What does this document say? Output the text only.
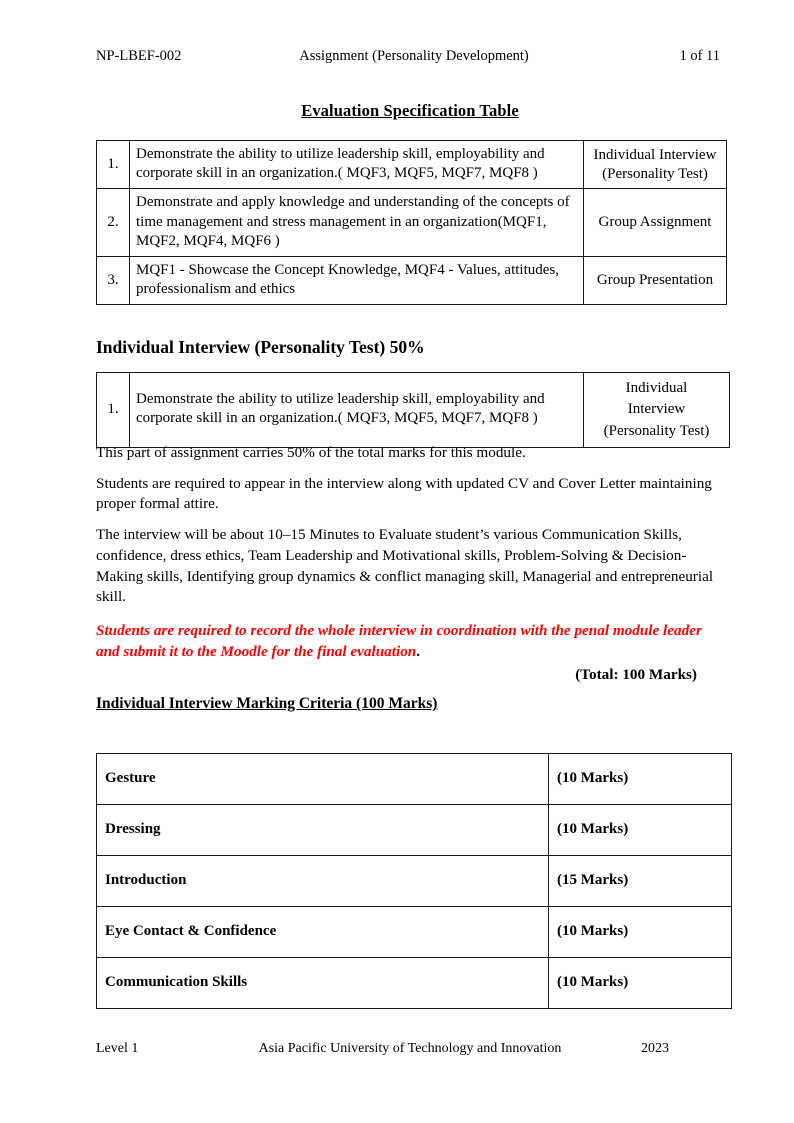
NP-LBEF-002	Assignment (Personality Development)	1 of 11
Evaluation Specification Table
1.	Demonstrate the ability to utilize leadership skill, employability and corporate skill in an organization.( MQF3, MQF5, MQF7, MQF8 )	Individual Interview (Personality Test)
2.	Demonstrate and apply knowledge and understanding of the concepts of time management and stress management in an organization(MQF1, MQF2, MQF4, MQF6 )	Group Assignment
3.	MQF1 - Showcase the Concept Knowledge, MQF4 - Values, attitudes, professionalism and ethics	Group Presentation
Individual Interview (Personality Test) 50%
1.	Demonstrate the ability to utilize leadership skill, employability and corporate skill in an organization.( MQF3, MQF5, MQF7, MQF8 )	Individual
Interview
(Personality Test)

This part of assignment carries 50% of the total marks for this module.

Students are required to appear in the interview along with updated CV and Cover Letter maintaining proper formal attire.

The interview will be about 10–15 Minutes to Evaluate student’s various Communication Skills, confidence, dress ethics, Team Leadership and Motivational skills, Problem-Solving & Decision-Making skills, Identifying group dynamics & conflict managing skill, Managerial and entrepreneurial skill.

Students are required to record the whole interview in coordination with the penal module leader and submit it to the Moodle for the final evaluation.

(Total: 100 Marks)
Individual Interview Marking Criteria (100 Marks)
Gesture	(10 Marks)
Dressing	(10 Marks)
Introduction	(15 Marks)
Eye Contact & Confidence	(10 Marks)
Communication Skills	(10 Marks)
Level 1	Asia Pacific University of Technology and Innovation	2023
